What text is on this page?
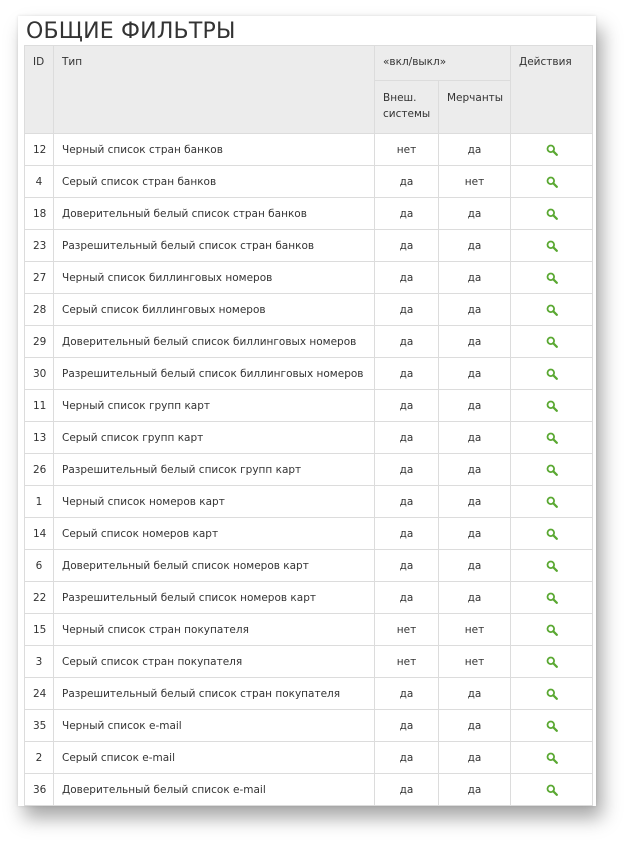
ОБЩИЕ ФИЛЬТРЫ
ID	Тип	«вкл/выкл»		Действия
		Внеш. системы	Мерчанты	
12	Черный список стран банков	нет	да	

4	Серый список стран банков	да	нет	

18	Доверительный белый список стран банков	да	да	

23	Разрешительный белый список стран банков	да	да	

27	Черный список биллинговых номеров	да	да	

28	Серый список биллинговых номеров	да	да	

29	Доверительный белый список биллинговых номеров	да	да	

30	Разрешительный белый список биллинговых номеров	да	да	

11	Черный список групп карт	да	да	

13	Серый список групп карт	да	да	

26	Разрешительный белый список групп карт	да	да	

1	Черный список номеров карт	да	да	

14	Серый список номеров карт	да	да	

6	Доверительный белый список номеров карт	да	да	

22	Разрешительный белый список номеров карт	да	да	

15	Черный список стран покупателя	нет	нет	

3	Серый список стран покупателя	нет	нет	

24	Разрешительный белый список стран покупателя	да	да	

35	Черный список e-mail	да	да	

2	Серый список e-mail	да	да	

36	Доверительный белый список e-mail	да	да	
